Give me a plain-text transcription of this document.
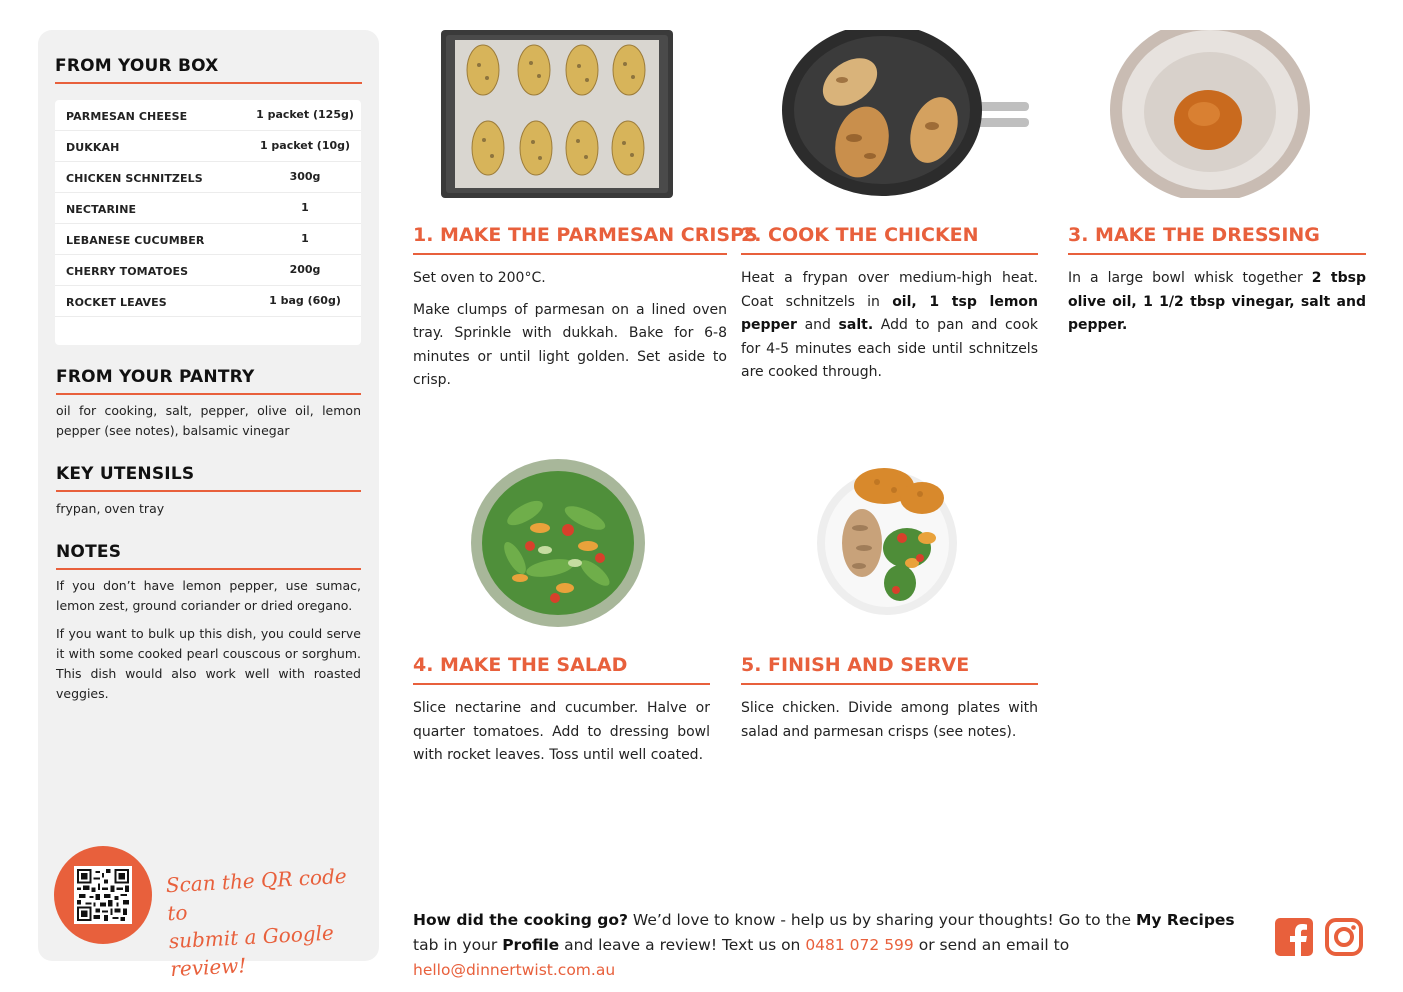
FROM YOUR BOX
PARMESAN CHEESE	1 packet (125g)
DUKKAH	1 packet (10g)
CHICKEN SCHNITZELS	300g
NECTARINE	1
LEBANESE CUCUMBER	1
CHERRY TOMATOES	200g
ROCKET LEAVES	1 bag (60g)
FROM YOUR PANTRY
oil for cooking, salt, pepper, olive oil, lemon pepper (see notes), balsamic vinegar
KEY UTENSILS
frypan, oven tray
NOTES

If you don’t have lemon pepper, use sumac, lemon zest, ground coriander or dried oregano.

If you want to bulk up this dish, you could serve it with some cooked pearl couscous or sorghum. This dish would also work well with roasted veggies.

Scan the QR code to
submit a Google review!
1. MAKE THE PARMESAN CRISPS

Set oven to 200°C.

Make clumps of parmesan on a lined oven tray. Sprinkle with dukkah. Bake for 6-8 minutes or until light golden. Set aside to crisp.

2. COOK THE CHICKEN

Heat a frypan over medium-high heat. Coat schnitzels in oil, 1 tsp lemon pepper and salt. Add to pan and cook for 4-5 minutes each side until schnitzels are cooked through.

3. MAKE THE DRESSING

In a large bowl whisk together 2 tbsp olive oil, 1 1/2 tbsp vinegar, salt and pepper.

4. MAKE THE SALAD

Slice nectarine and cucumber. Halve or quarter tomatoes. Add to dressing bowl with rocket leaves. Toss until well coated.

5. FINISH AND SERVE

Slice chicken. Divide among plates with salad and parmesan crisps (see notes).

How did the cooking go? We’d love to know - help us by sharing your thoughts! Go to the My Recipes tab in your Profile and leave a review! Text us on 0481 072 599 or send an email to hello@dinnertwist.com.au
